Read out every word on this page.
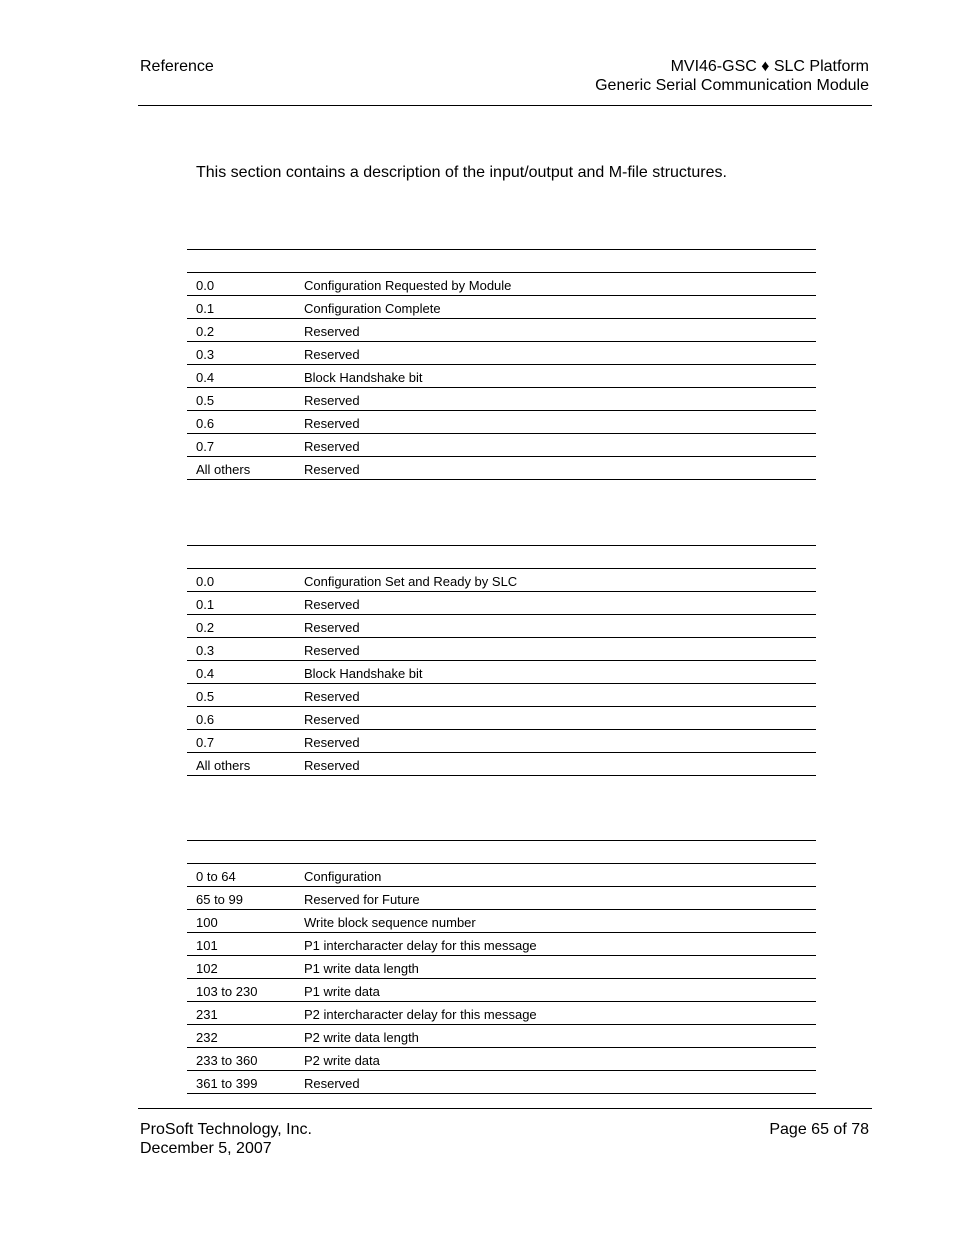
Reference	MVI46-GSC ♦ SLC Platform
Generic Serial Communication Module
This section contains a description of the input/output and M-file structures.

0.0	Configuration Requested by Module
0.1	Configuration Complete
0.2	Reserved
0.3	Reserved
0.4	Block Handshake bit
0.5	Reserved
0.6	Reserved
0.7	Reserved
All others	Reserved

0.0	Configuration Set and Ready by SLC
0.1	Reserved
0.2	Reserved
0.3	Reserved
0.4	Block Handshake bit
0.5	Reserved
0.6	Reserved
0.7	Reserved
All others	Reserved

0 to 64	Configuration
65 to 99	Reserved for Future
100	Write block sequence number
101	P1 intercharacter delay for this message
102	P1 write data length
103 to 230	P1 write data
231	P2 intercharacter delay for this message
232	P2 write data length
233 to 360	P2 write data
361 to 399	Reserved
ProSoft Technology, Inc.
December 5, 2007
Page 65 of 78
